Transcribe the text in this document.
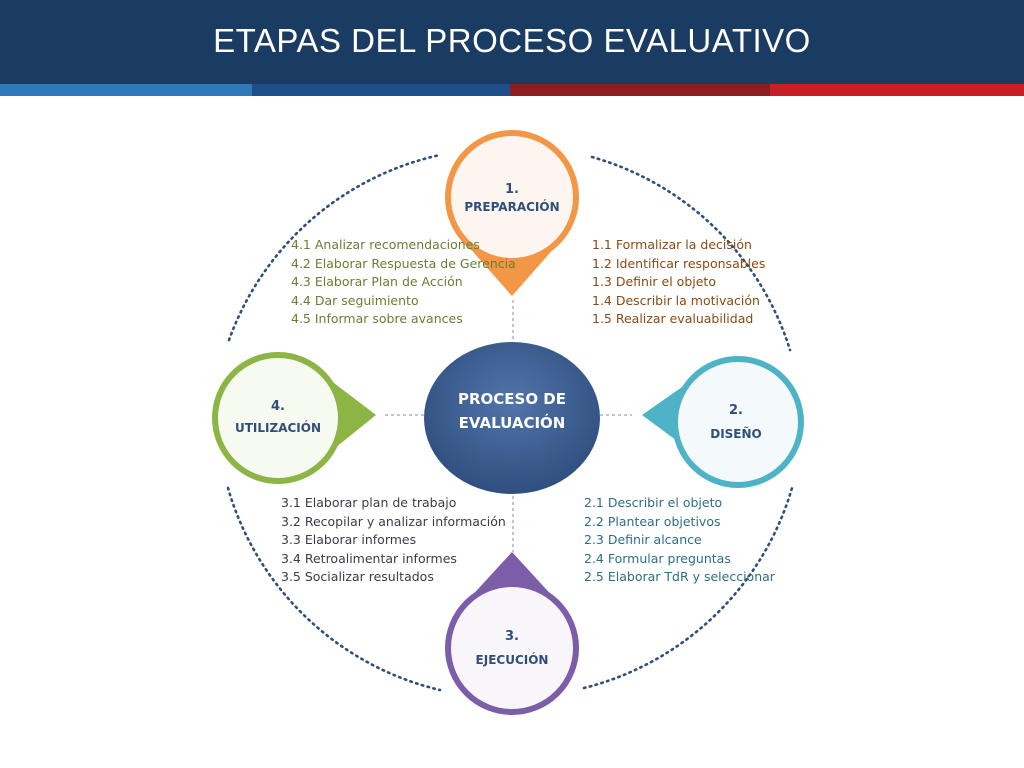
ETAPAS DEL PROCESO EVALUATIVO
PROCESO DE
EVALUACIÓN
1.
PREPARACIÓN
2.
DISEÑO
3.
EJECUCIÓN
4.
UTILIZACIÓN
1.1 Formalizar la decisión
1.2 Identificar responsables
1.3 Definir el objeto
1.4 Describir la motivación
1.5 Realizar evaluabilidad
4.1 Analizar recomendaciones
4.2 Elaborar Respuesta de Gerencia
4.3 Elaborar Plan de Acción
4.4 Dar seguimiento
4.5 Informar sobre avances
2.1 Describir el objeto
2.2 Plantear objetivos
2.3 Definir alcance
2.4 Formular preguntas
2.5 Elaborar TdR y seleccionar
3.1 Elaborar plan de trabajo
3.2 Recopilar y analizar información
3.3 Elaborar informes
3.4 Retroalimentar informes
3.5 Socializar resultados
